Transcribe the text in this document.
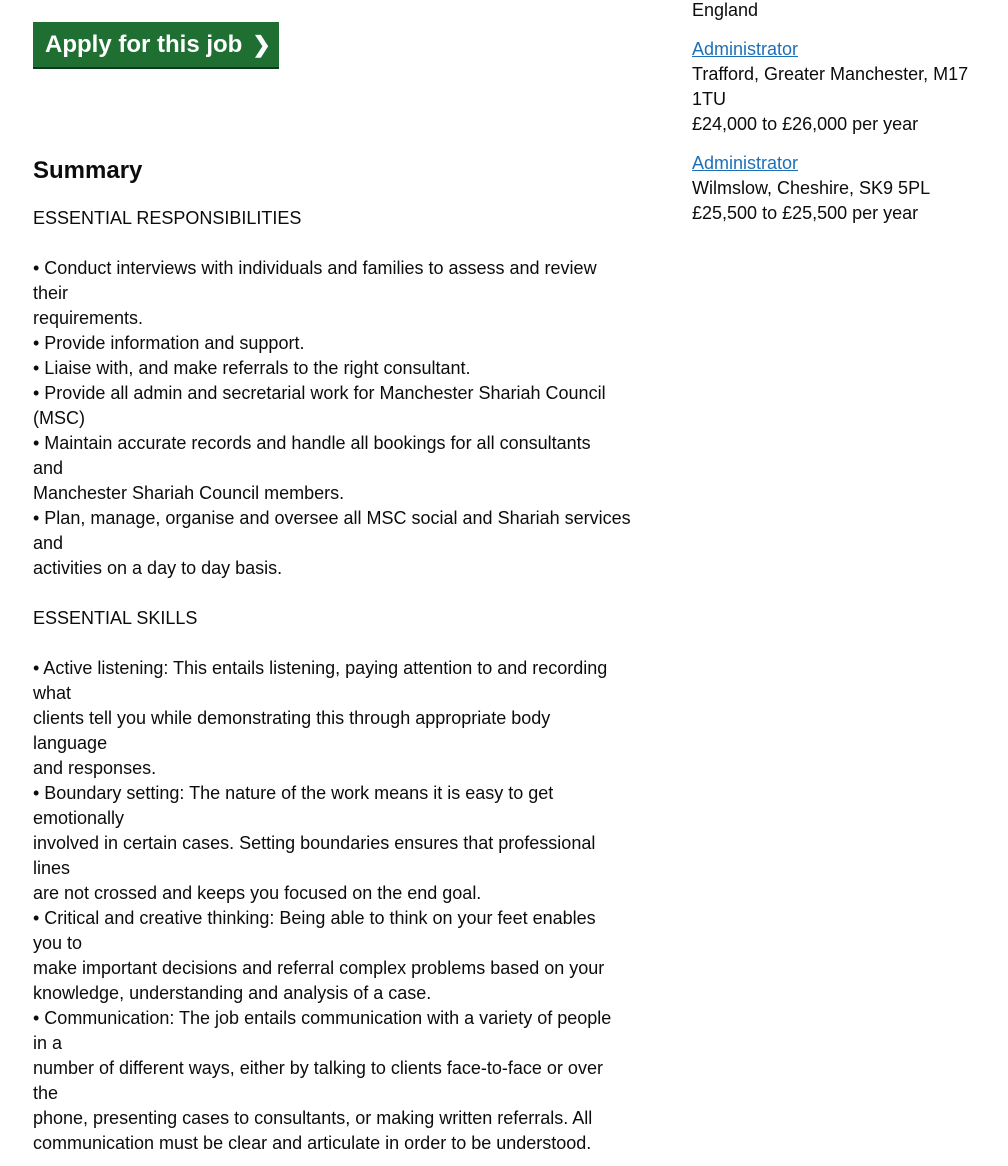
Apply for this job ❯
Summary
ESSENTIAL RESPONSIBILITIES
• Conduct interviews with individuals and families to assess and review
their
requirements.
• Provide information and support.
• Liaise with, and make referrals to the right consultant.
• Provide all admin and secretarial work for Manchester Shariah Council
(MSC)
• Maintain accurate records and handle all bookings for all consultants
and
Manchester Shariah Council members.
• Plan, manage, organise and oversee all MSC social and Shariah services
and
activities on a day to day basis.
ESSENTIAL SKILLS
• Active listening: This entails listening, paying attention to and recording
what
clients tell you while demonstrating this through appropriate body
language
and responses.
• Boundary setting: The nature of the work means it is easy to get
emotionally
involved in certain cases. Setting boundaries ensures that professional
lines
are not crossed and keeps you focused on the end goal.
• Critical and creative thinking: Being able to think on your feet enables
you to
make important decisions and referral complex problems based on your
knowledge, understanding and analysis of a case.
• Communication: The job entails communication with a variety of people
in a
number of different ways, either by talking to clients face-to-face or over
the
phone, presenting cases to consultants, or making written referrals. All
communication must be clear and articulate in order to be understood.
England
Administrator
Trafford, Greater Manchester, M17
1TU
£24,000 to £26,000 per year
Administrator
Wilmslow, Cheshire, SK9 5PL
£25,500 to £25,500 per year
